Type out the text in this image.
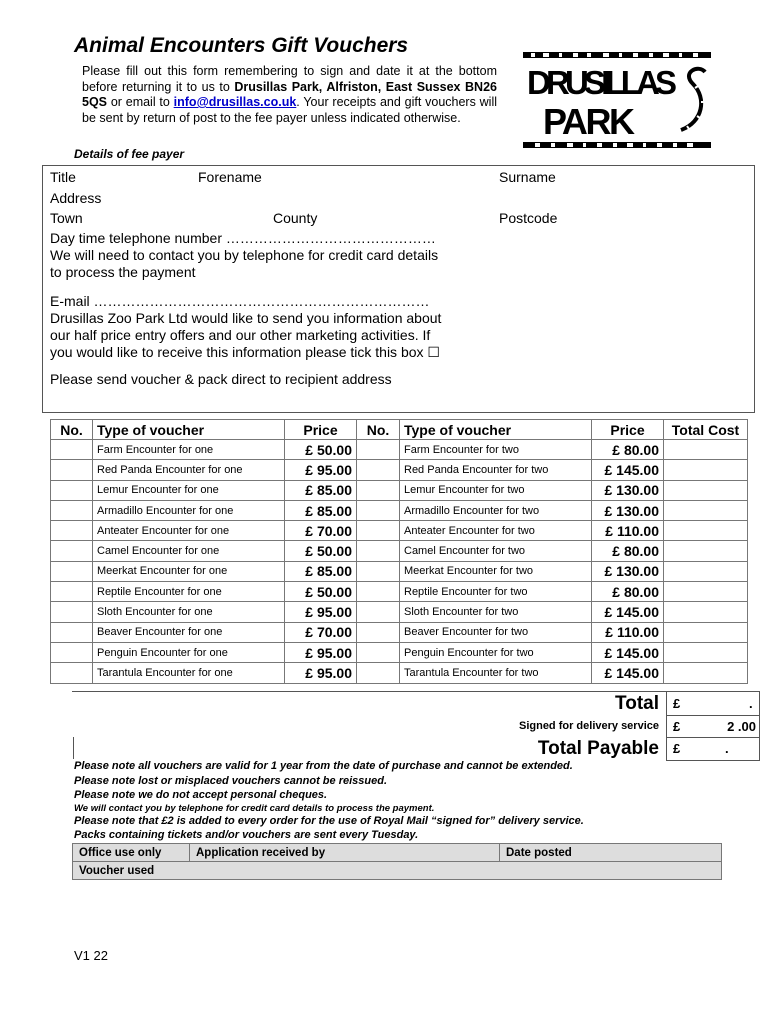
Animal Encounters Gift Vouchers
Please fill out this form remembering to sign and date it at the bottom before returning it to us to Drusillas Park, Alfriston, East Sussex BN26 5QS or email to info@drusillas.co.uk. Your receipts and gift vouchers will be sent by return of post to the fee payer unless indicated otherwise.
DRUSILLAS
PARK
Details of fee payer
Title	Forename	Surname
Address
Town	County	Postcode
Day time telephone number ………………………………………
We will need to contact you by telephone for credit card details
to process the payment
E-mail ………………………………………………………………
Drusillas Zoo Park Ltd would like to send you information about
our half price entry offers and our other marketing activities. If
you would like to receive this information please tick this box ☐
Please send voucher & pack direct to recipient address
No.	Type of voucher	Price	No.	Type of voucher	Price	Total Cost
	Farm Encounter for one	£ 50.00		Farm Encounter for two	£ 80.00	
	Red Panda Encounter for one	£ 95.00		Red Panda Encounter for two	£ 145.00	
	Lemur Encounter for one	£ 85.00		Lemur Encounter for two	£ 130.00	
	Armadillo Encounter for one	£ 85.00		Armadillo Encounter for two	£ 130.00	
	Anteater Encounter for one	£ 70.00		Anteater Encounter for two	£ 110.00	
	Camel Encounter for one	£ 50.00		Camel Encounter for two	£ 80.00	
	Meerkat Encounter for one	£ 85.00		Meerkat Encounter for two	£ 130.00	
	Reptile Encounter for one	£ 50.00		Reptile Encounter for two	£ 80.00	
	Sloth Encounter for one	£ 95.00		Sloth Encounter for two	£ 145.00	
	Beaver Encounter for one	£ 70.00		Beaver Encounter for two	£ 110.00	
	Penguin Encounter for one	£ 95.00		Penguin Encounter for two	£ 145.00	
	Tarantula Encounter for one	£ 95.00		Tarantula Encounter for two	£ 145.00	
Total £	.
Signed for delivery service £	2 .00
Total Payable £	.
Please note all vouchers are valid for 1 year from the date of purchase and cannot be extended.
Please note lost or misplaced vouchers cannot be reissued.
Please note we do not accept personal cheques.
We will contact you by telephone for credit card details to process the payment.
Please note that £2 is added to every order for the use of Royal Mail “signed for” delivery service.
Packs containing tickets and/or vouchers are sent every Tuesday.
Office use only	Application received by	Date posted
Voucher used
V1 22
